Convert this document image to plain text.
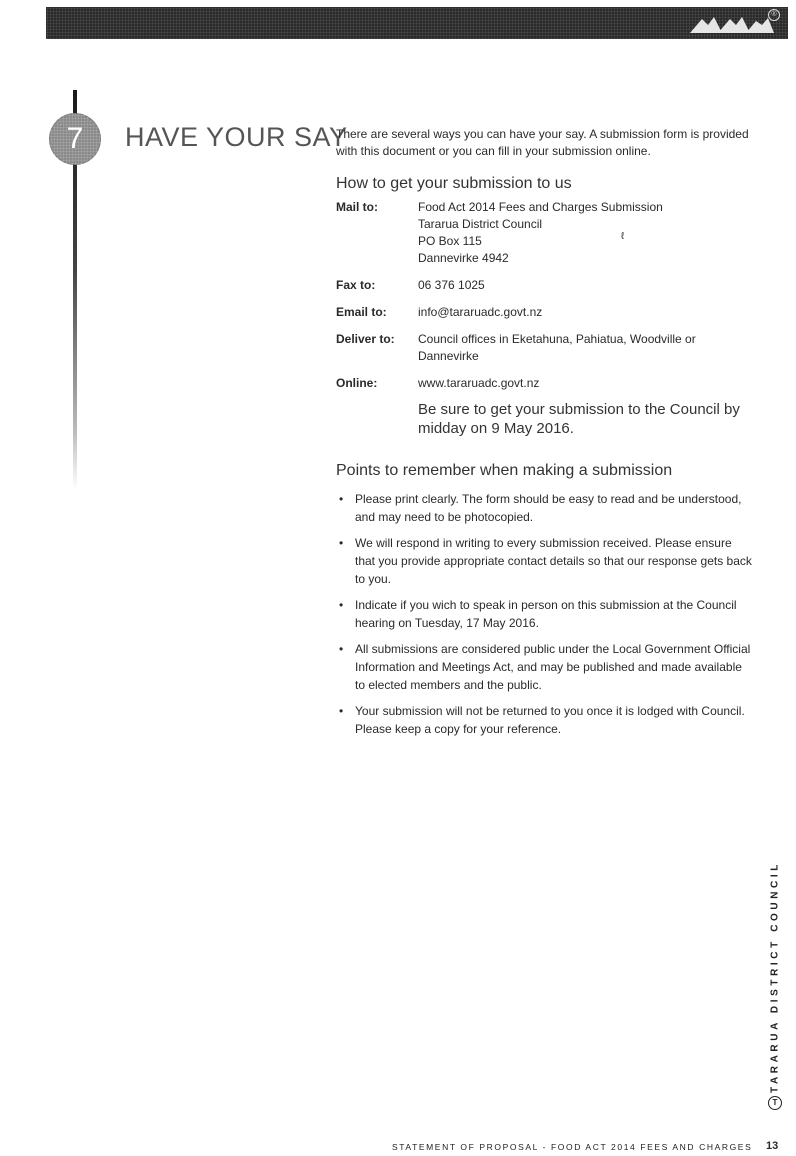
®
7	HAVE YOUR SAY
ℓ

There are several ways you can have your say. A submission form is provided with this document or you can fill in your submission online.

How to get your submission to us
Mail to:	Food Act 2014 Fees and Charges Submission
Tararua District Council
PO Box 115
Dannevirke 4942
Fax to:	06 376 1025
Email to:	info@tararuadc.govt.nz
Deliver to:	Council offices in Eketahuna, Pahiatua, Woodville or Dannevirke
Online:	www.tararuadc.govt.nz
Be sure to get your submission to the Council by midday on 9 May 2016.
Points to remember when making a submission
• Please print clearly. The form should be easy to read and be understood, and may need to be photocopied.
• We will respond in writing to every submission received. Please ensure that you provide appropriate contact details so that our response gets back to you.
• Indicate if you wich to speak in person on this submission at the Council hearing on Tuesday, 17 May 2016.
• All submissions are considered public under the Local Government Official Information and Meetings Act, and may be published and made available to elected members and the public.
• Your submission will not be returned to you once it is lodged with Council. Please keep a copy for your reference.
TTARARUA DISTRICT COUNCIL
STATEMENT OF PROPOSAL - FOOD ACT 2014 FEES AND CHARGES 13
